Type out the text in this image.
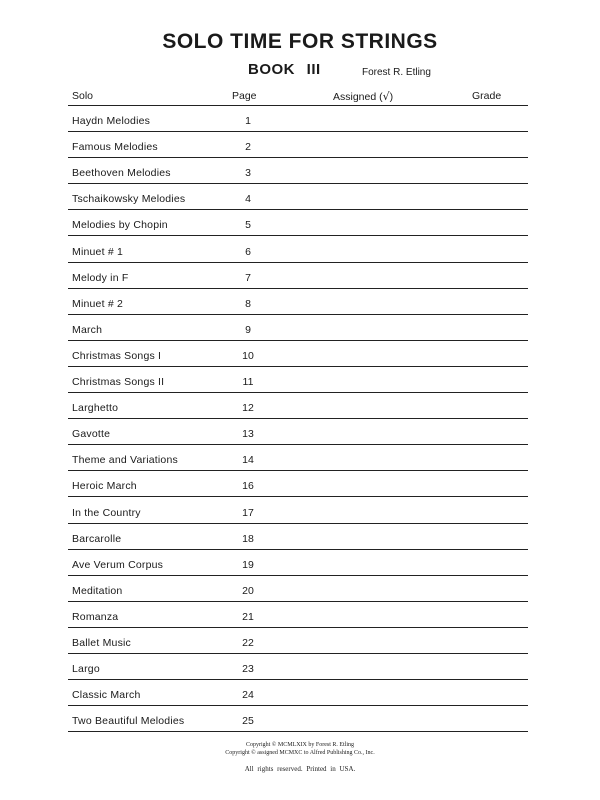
SOLO TIME FOR STRINGS
BOOK III	Forest R. Etling
Solo	Page	Assigned (√)	Grade
Haydn Melodies	1
Famous Melodies	2
Beethoven Melodies	3
Tschaikowsky Melodies	4
Melodies by Chopin	5
Minuet # 1	6
Melody in F	7
Minuet # 2	8
March	9
Christmas Songs I	10
Christmas Songs II	11
Larghetto	12
Gavotte	13
Theme and Variations	14
Heroic March	16
In the Country	17
Barcarolle	18
Ave Verum Corpus	19
Meditation	20
Romanza	21
Ballet Music	22
Largo	23
Classic March	24
Two Beautiful Melodies	25
Copyright © MCMLXIX by Forest R. Etling
Copyright © assigned MCMXC to Alfred Publishing Co., Inc.
All rights reserved. Printed in USA.
